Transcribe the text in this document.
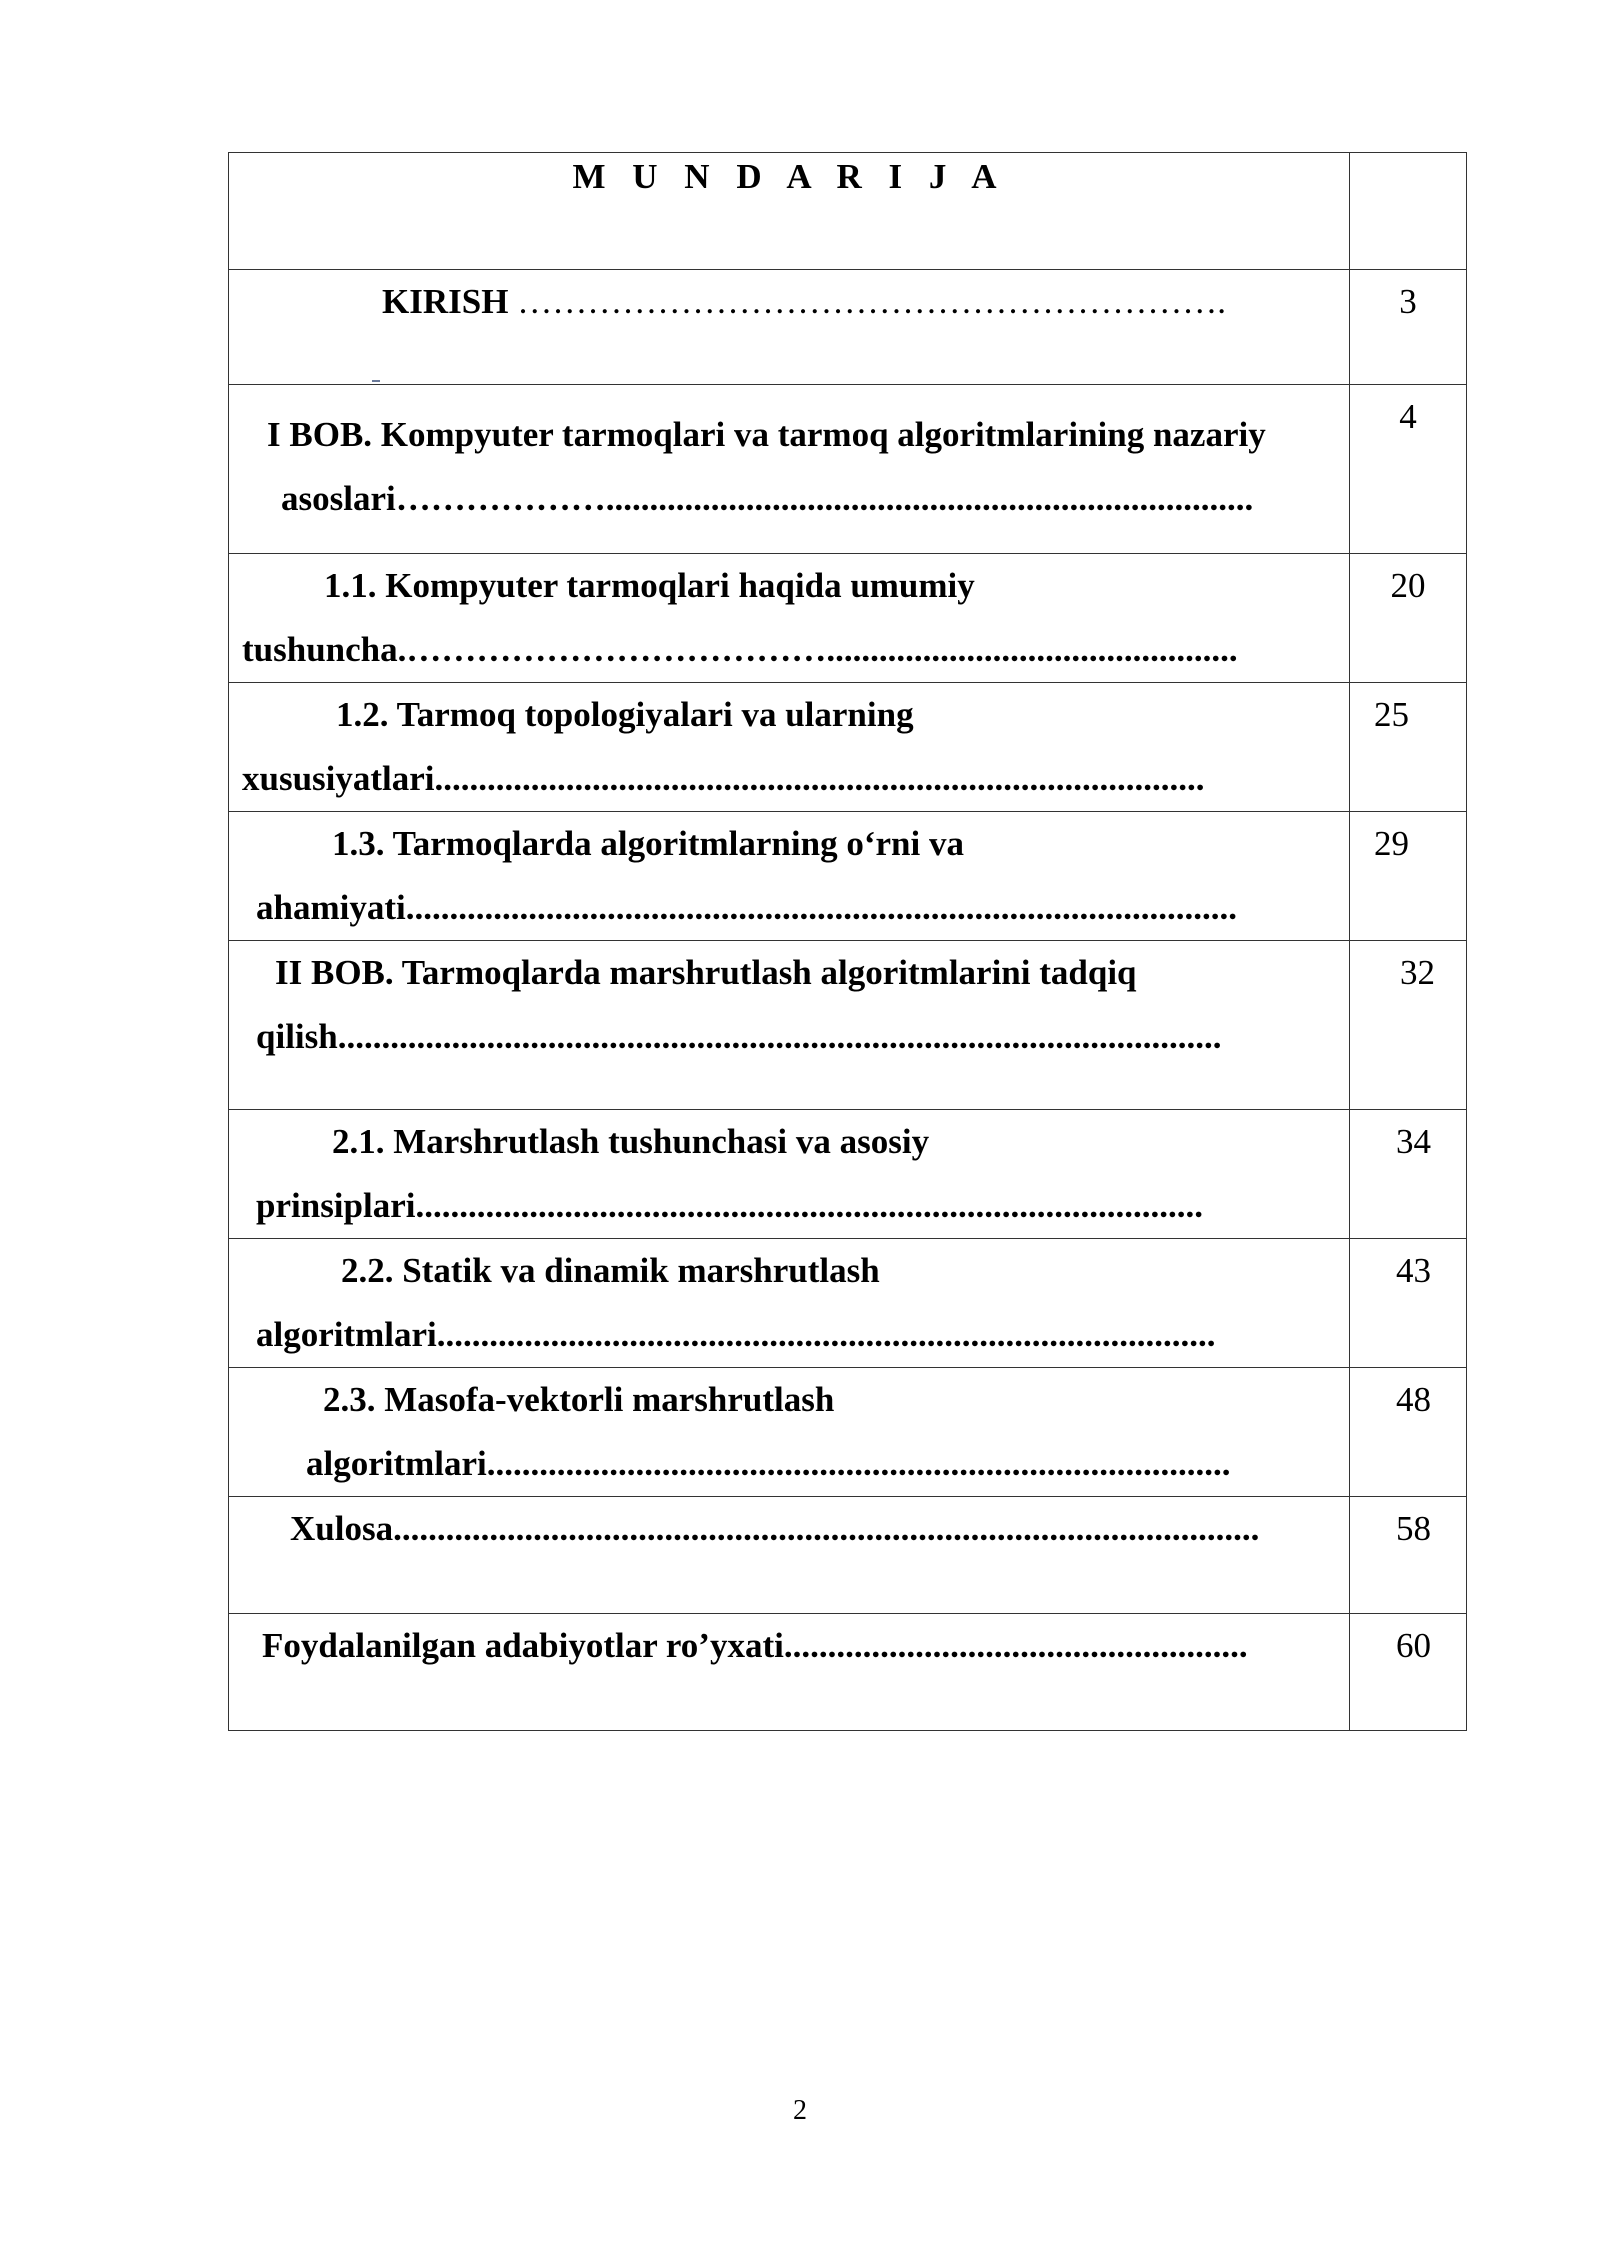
M U N D A R I J A	

KIRISH …………………………………………………….	3

I BOB. Kompyuter tarmoqlari va tarmoq algoritmlarining nazariy
asoslari………………..........................................................................	4

1.1. Kompyuter tarmoqlari haqida umumiy
tushuncha.………………………………...............................................	20

1.2. Tarmoq topologiyalari va ularning
xususiyatlari........................................................................................	25

1.3. Tarmoqlarda algoritmlarning o‘rni va
ahamiyati...............................................................................................	29

II BOB. Tarmoqlarda marshrutlash algoritmlarini tadqiq
qilish.....................................................................................................	32

2.1. Marshrutlash tushunchasi va asosiy
prinsiplari..........................................................................................	34

2.2. Statik va dinamik marshrutlash
algoritmlari.........................................................................................	43

2.3. Masofa-vektorli marshrutlash
algoritmlari.....................................................................................	48

Xulosa...................................................................................................	58

Foydalanilgan adabiyotlar ro’yxati.....................................................	60
2
